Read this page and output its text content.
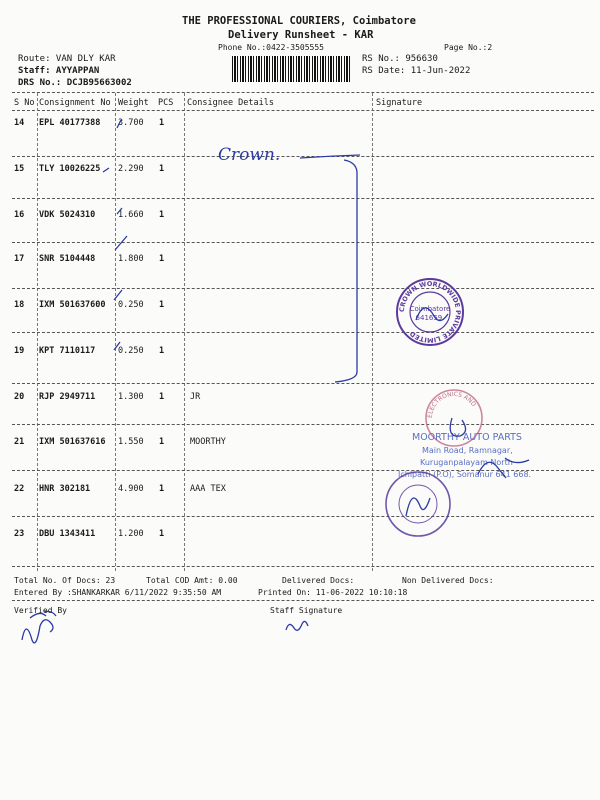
THE PROFESSIONAL COURIERS, Coimbatore
Delivery Runsheet - KAR
Phone No.:0422-3505555	Page No.:2
Route: VAN DLY KAR
Staff: AYYAPPAN
DRS No.: DCJB95663002
RS No.: 956630
RS Date: 11-Jun-2022
S No Consignment No Weight PCS Consignee Details	Signature
14 EPL 40177388 3.700 1
15 TLY 10026225 2.290 1
16 VDK 5024310	1.660 1
17 SNR 5104448	1.800 1
18 IXM 501637600 0.250 1
19 KPT 7110117	0.250 1
20 RJP 2949711	1.300 1	JR
21 IXM 501637616 1.550 1	MOORTHY
22 HNR 302181	4.900 1	AAA TEX
23 DBU 1343411	1.200 1
Total No. Of Docs: 23	Total COD Amt: 0.00	Delivered Docs:	Non Delivered Docs:
Entered By :SHANKARKAR 6/11/2022 9:35:50 AM	Printed On: 11-06-2022 10:10:18
Verified By	Staff Signature
Crown.
CROWN WORLDWIDE PRIVATE LIMITED
Coimbatore
641659.
ELECTRONICS AND
MOORTHY AUTO PARTS
Main Road, Ramnagar,
Kuruganpalayam North
Ichipatti (P.O), Somanur 641 668.
